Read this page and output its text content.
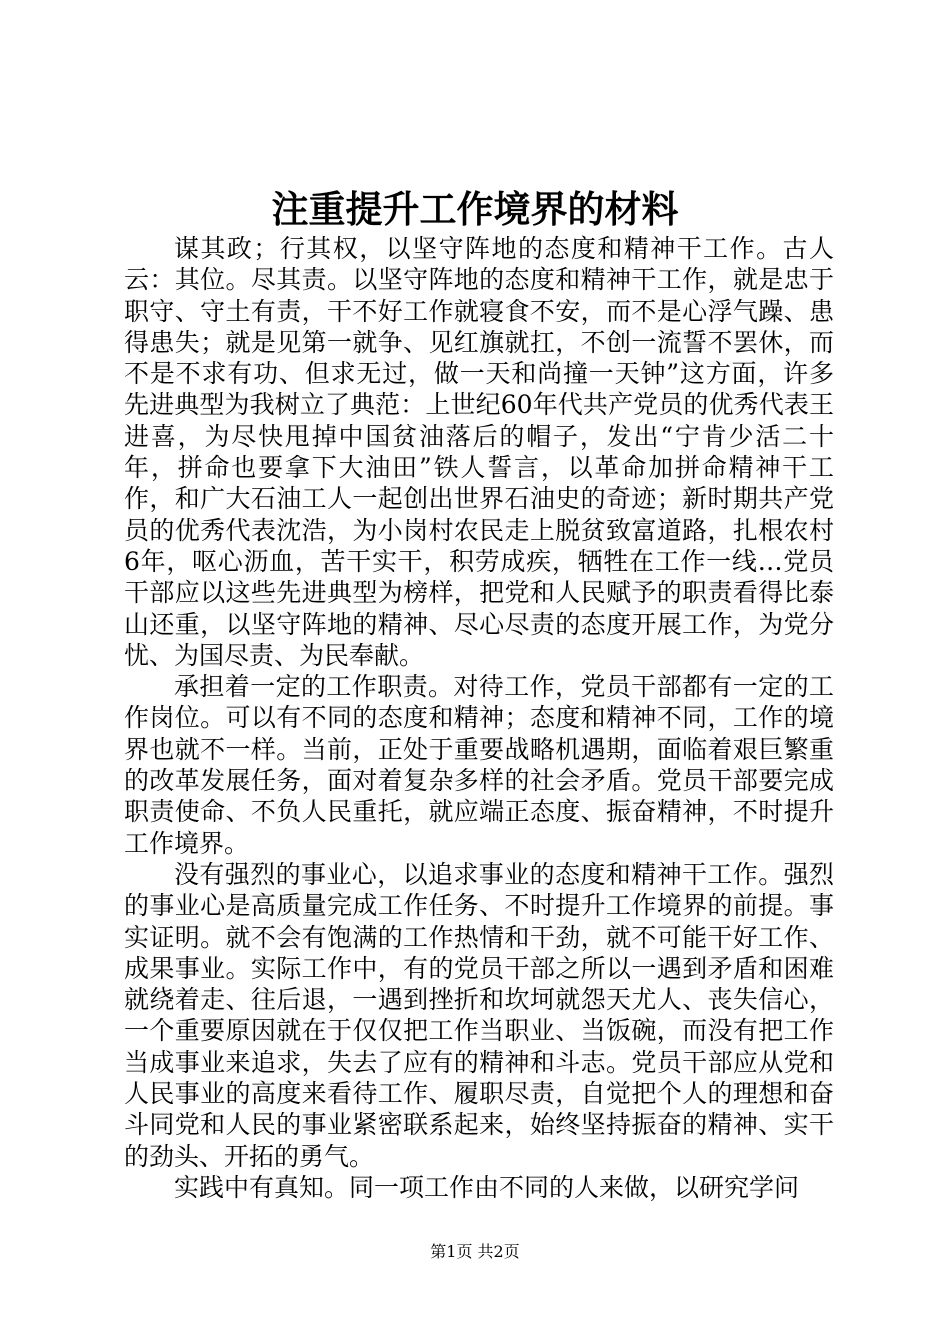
注重提升工作境界的材料

谋其政；行其权，以坚守阵地的态度和精神干工作。古人云：其位。尽其责。以坚守阵地的态度和精神干工作，就是忠于职守、守土有责，干不好工作就寝食不安，而不是心浮气躁、患得患失；就是见第一就争、见红旗就扛，不创一流誓不罢休，而不是不求有功、但求无过，做一天和尚撞一天钟”这方面，许多先进典型为我树立了典范：上世纪60年代共产党员的优秀代表王进喜，为尽快甩掉中国贫油落后的帽子，发出“宁肯少活二十年，拼命也要拿下大油田”铁人誓言，以革命加拼命精神干工作，和广大石油工人一起创出世界石油史的奇迹；新时期共产党员的优秀代表沈浩，为小岗村农民走上脱贫致富道路，扎根农村6年，呕心沥血，苦干实干，积劳成疾，牺牲在工作一线…党员干部应以这些先进典型为榜样，把党和人民赋予的职责看得比泰山还重，以坚守阵地的精神、尽心尽责的态度开展工作，为党分忧、为国尽责、为民奉献。

承担着一定的工作职责。对待工作，党员干部都有一定的工作岗位。可以有不同的态度和精神；态度和精神不同，工作的境界也就不一样。当前，正处于重要战略机遇期，面临着艰巨繁重的改革发展任务，面对着复杂多样的社会矛盾。党员干部要完成职责使命、不负人民重托，就应端正态度、振奋精神，不时提升工作境界。

没有强烈的事业心，以追求事业的态度和精神干工作。强烈的事业心是高质量完成工作任务、不时提升工作境界的前提。事实证明。就不会有饱满的工作热情和干劲，就不可能干好工作、成果事业。实际工作中，有的党员干部之所以一遇到矛盾和困难就绕着走、往后退，一遇到挫折和坎坷就怨天尤人、丧失信心，一个重要原因就在于仅仅把工作当职业、当饭碗，而没有把工作当成事业来追求，失去了应有的精神和斗志。党员干部应从党和人民事业的高度来看待工作、履职尽责，自觉把个人的理想和奋斗同党和人民的事业紧密联系起来，始终坚持振奋的精神、实干的劲头、开拓的勇气。

实践中有真知。同一项工作由不同的人来做，以研究学问

第1页 共2页
